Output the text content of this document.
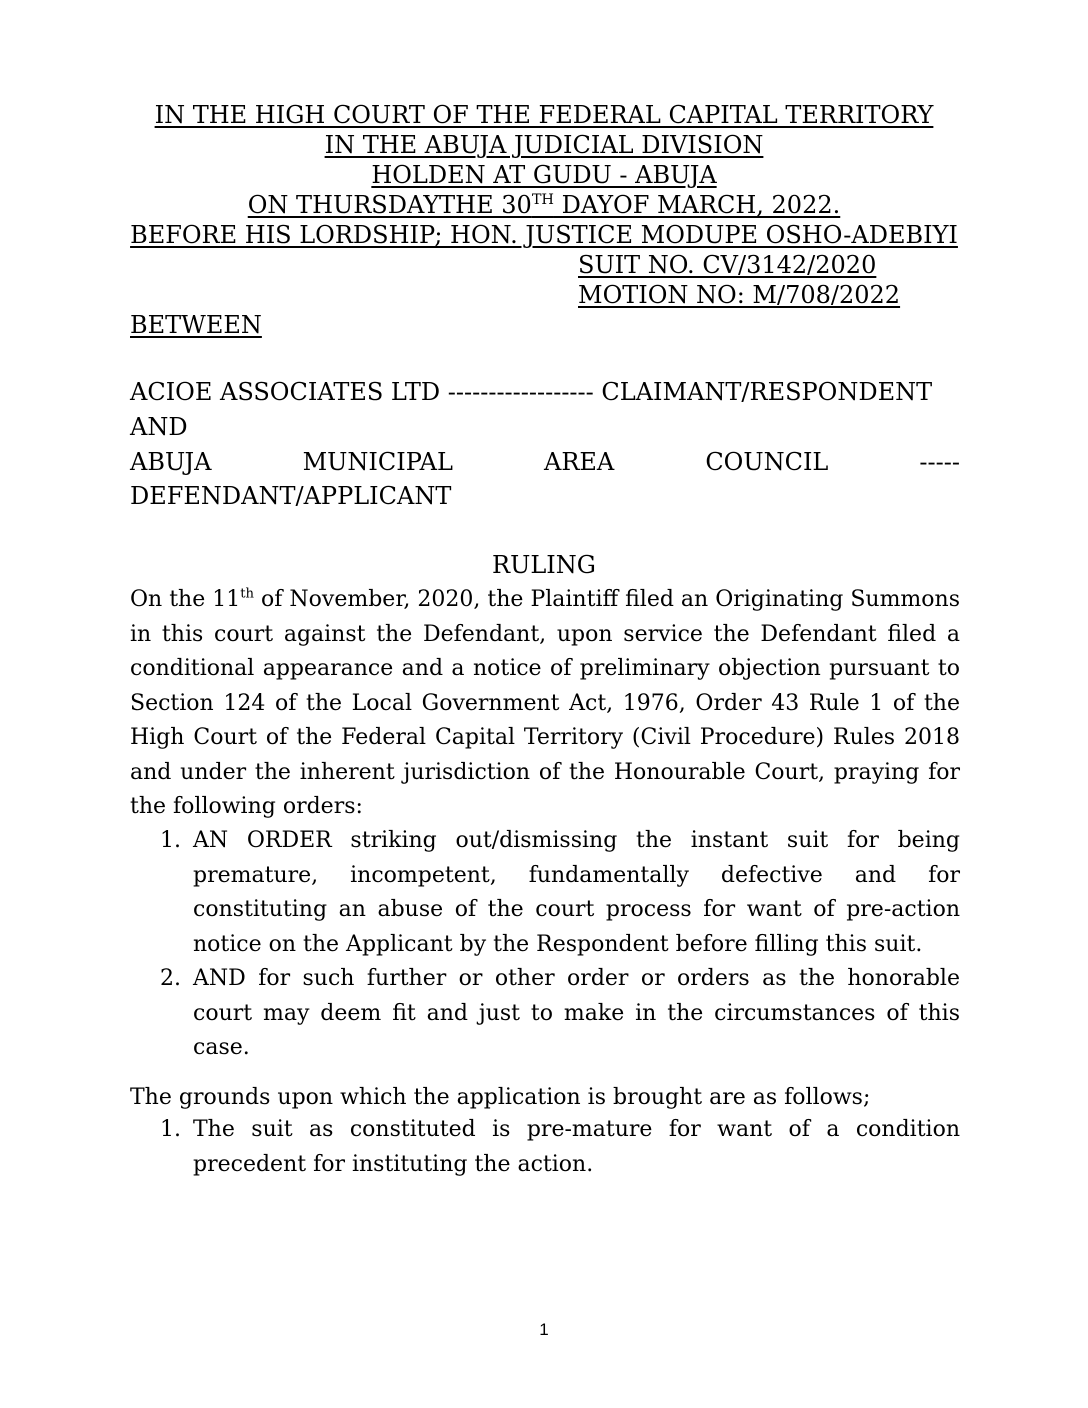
IN THE HIGH COURT OF THE FEDERAL CAPITAL TERRITORY
IN THE ABUJA JUDICIAL DIVISION
HOLDEN AT GUDU - ABUJA
ON THURSDAYTHE 30TH DAYOF MARCH, 2022.
BEFORE HIS LORDSHIP; HON. JUSTICE MODUPE OSHO-ADEBIYI
SUIT NO. CV/3142/2020
MOTION NO: M/708/2022
BETWEEN
ACIOE ASSOCIATES LTD ------------------ CLAIMANT/RESPONDENT
AND
ABUJA	MUNICIPAL	AREA	COUNCIL	-----
DEFENDANT/APPLICANT
RULING
On the 11th of November, 2020, the Plaintiff filed an Originating Summons in this court against the Defendant, upon service the Defendant filed a conditional appearance and a notice of preliminary objection pursuant to Section 124 of the Local Government Act, 1976, Order 43 Rule 1 of the High Court of the Federal Capital Territory (Civil Procedure) Rules 2018 and under the inherent jurisdiction of the Honourable Court, praying for the following orders:
1. AN ORDER striking out/dismissing the instant suit for being premature, incompetent, fundamentally defective and for constituting an abuse of the court process for want of pre-action notice on the Applicant by the Respondent before filling this suit.
2. AND for such further or other order or orders as the honorable court may deem fit and just to make in the circumstances of this case.
The grounds upon which the application is brought are as follows;
1. The suit as constituted is pre-mature for want of a condition precedent for instituting the action.
1
